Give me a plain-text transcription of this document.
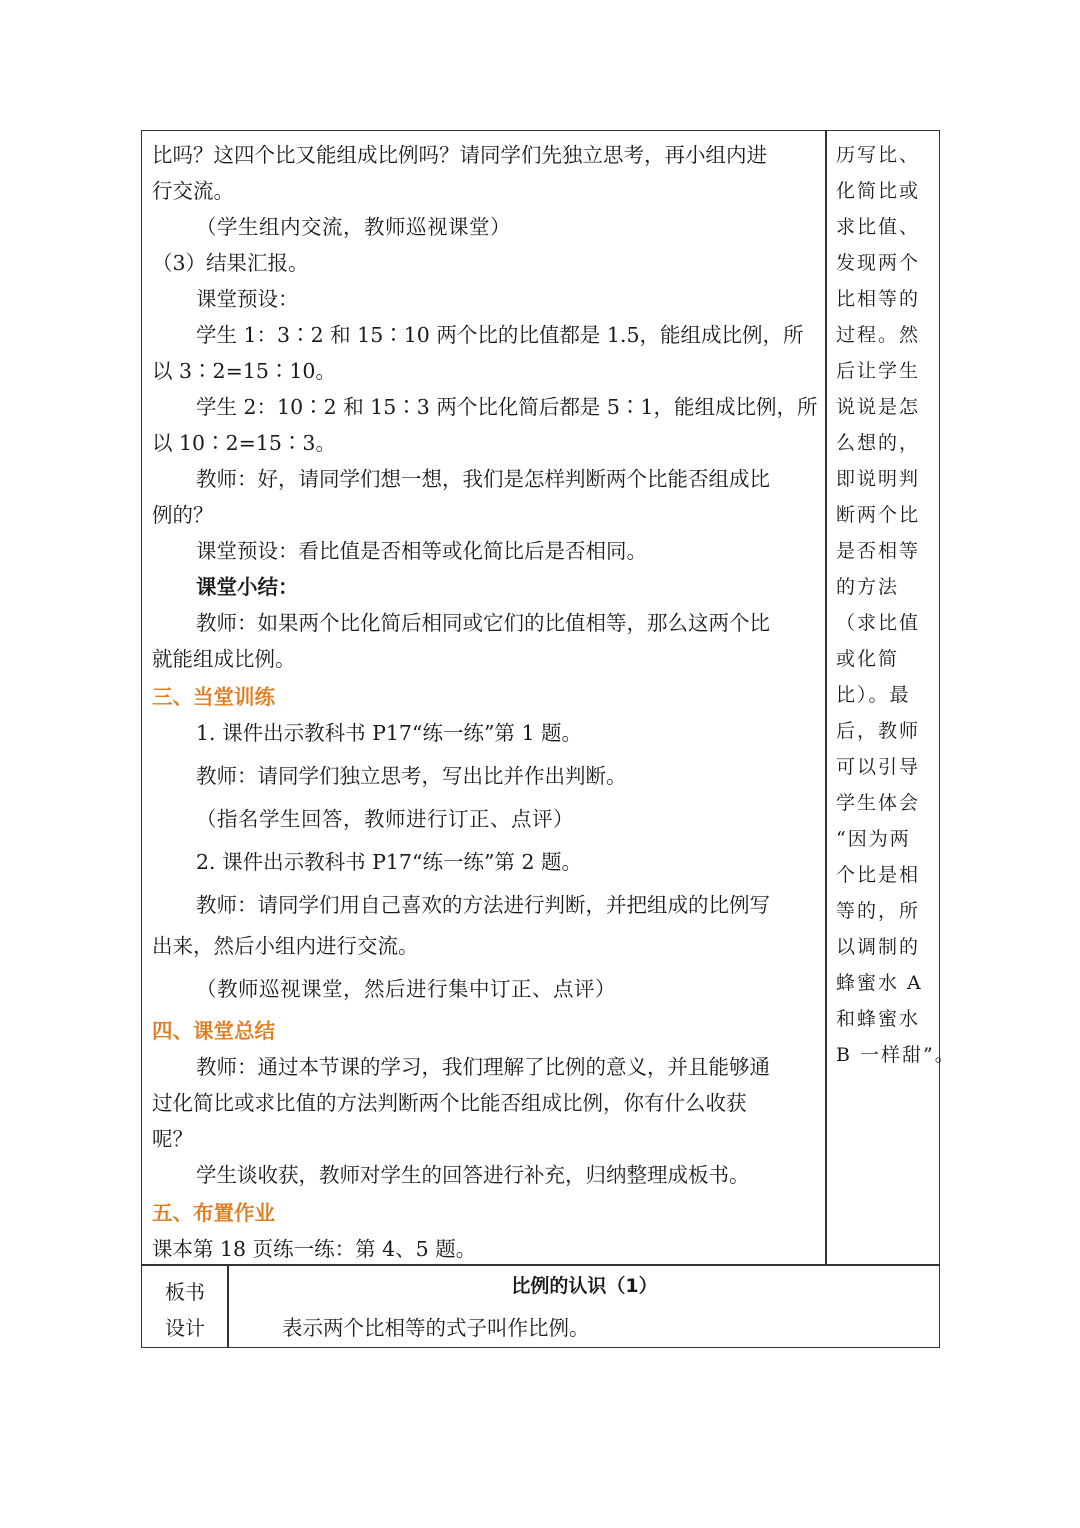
比吗？这四个比又能组成比例吗？请同学们先独立思考，再小组内进
行交流。
（学生组内交流，教师巡视课堂）
（3）结果汇报。
课堂预设：
学生 1：3∶2 和 15∶10 两个比的比值都是 1.5，能组成比例，所
以 3∶2=15∶10。
学生 2：10∶2 和 15∶3 两个比化简后都是 5∶1，能组成比例，所
以 10∶2=15∶3。
教师：好，请同学们想一想，我们是怎样判断两个比能否组成比
例的？
课堂预设：看比值是否相等或化简比后是否相同。
课堂小结：
教师：如果两个比化简后相同或它们的比值相等，那么这两个比
就能组成比例。
三、当堂训练
1. 课件出示教科书 P17“练一练”第 1 题。
教师：请同学们独立思考，写出比并作出判断。
（指名学生回答，教师进行订正、点评）
2. 课件出示教科书 P17“练一练”第 2 题。
教师：请同学们用自己喜欢的方法进行判断，并把组成的比例写
出来，然后小组内进行交流。
（教师巡视课堂，然后进行集中订正、点评）
四、课堂总结
教师：通过本节课的学习，我们理解了比例的意义，并且能够通
过化简比或求比值的方法判断两个比能否组成比例，你有什么收获
呢？
学生谈收获，教师对学生的回答进行补充，归纳整理成板书。
五、布置作业
课本第 18 页练一练：第 4、5 题。
历写比、
化简比或
求比值、
发现两个
比相等的
过程。然
后让学生
说说是怎
么想的，
即说明判
断两个比
是否相等
的方法
（求比值
或化简
比）。最
后，教师
可以引导
学生体会
“因为两
个比是相
等的，所
以调制的
蜂蜜水 A
和蜂蜜水
B 一样甜”。
板书
设计
比例的认识（1）
表示两个比相等的式子叫作比例。
